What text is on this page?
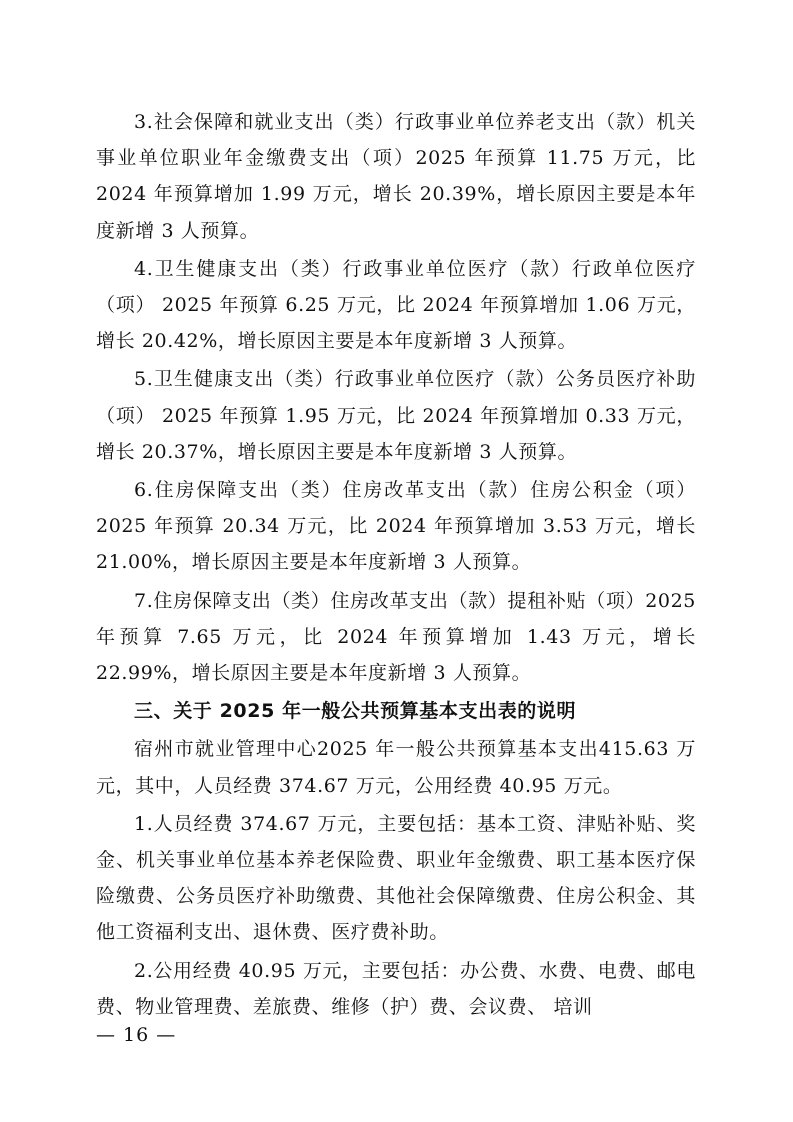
3.社会保障和就业支出（类）行政事业单位养老支出（款）机关事业单位职业年金缴费支出（项）2025 年预算 11.75 万元，比 2024 年预算增加 1.99 万元，增长 20.39%，增长原因主要是本年度新增 3 人预算。

4.卫生健康支出（类）行政事业单位医疗（款）行政单位医疗（项） 2025 年预算 6.25 万元，比 2024 年预算增加 1.06 万元，增长 20.42%，增长原因主要是本年度新增 3 人预算。

5.卫生健康支出（类）行政事业单位医疗（款）公务员医疗补助（项） 2025 年预算 1.95 万元，比 2024 年预算增加 0.33 万元，增长 20.37%，增长原因主要是本年度新增 3 人预算。

6.住房保障支出（类）住房改革支出（款）住房公积金（项）2025 年预算 20.34 万元，比 2024 年预算增加 3.53 万元，增长 21.00%，增长原因主要是本年度新增 3 人预算。

7.住房保障支出（类）住房改革支出（款）提租补贴（项）2025 年预算 7.65 万元，比 2024 年预算增加 1.43 万元，增长 22.99%，增长原因主要是本年度新增 3 人预算。

三、关于 2025 年一般公共预算基本支出表的说明

宿州市就业管理中心2025 年一般公共预算基本支出415.63 万元，其中，人员经费 374.67 万元，公用经费 40.95 万元。

1.人员经费 374.67 万元，主要包括：基本工资、津贴补贴、奖金、机关事业单位基本养老保险费、职业年金缴费、职工基本医疗保险缴费、公务员医疗补助缴费、其他社会保障缴费、住房公积金、其他工资福利支出、退休费、医疗费补助。

2.公用经费 40.95 万元，主要包括：办公费、水费、电费、邮电费、物业管理费、差旅费、维修（护）费、会议费、 培训

— 16 —
